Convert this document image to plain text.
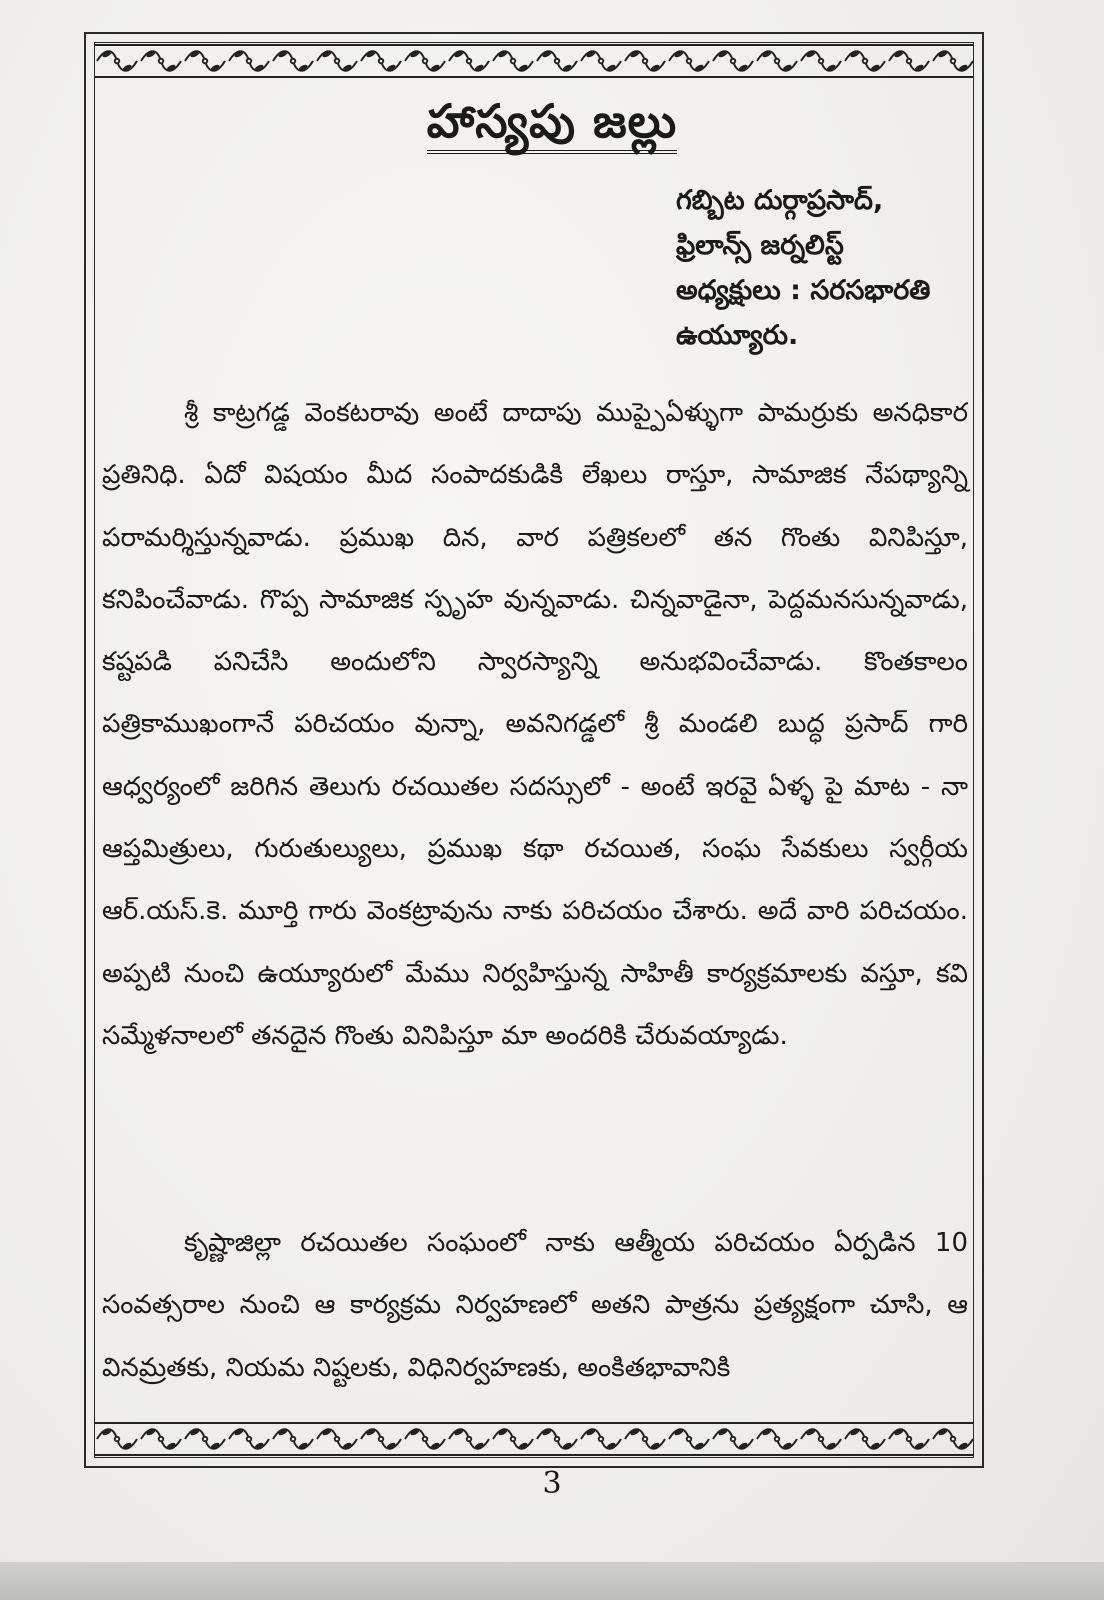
హాస్యపు జల్లు
గబ్బిట దుర్గాప్రసాద్,
ఫ్రిలాన్స్ జర్నలిస్ట్
అధ్యక్షులు : సరసభారతి
ఉయ్యూరు.

శ్రీ కాట్రగడ్డ వెంకటరావు అంటే దాదాపు ముప్పైఏళ్ళుగా పామర్రుకు అనధికార ప్రతినిధి. ఏదో విషయం మీద సంపాదకుడికి లేఖలు రాస్తూ, సామాజిక నేపథ్యాన్ని పరామర్శిస్తున్నవాడు. ప్రముఖ దిన, వార పత్రికలలో తన గొంతు వినిపిస్తూ, కనిపించేవాడు. గొప్ప సామాజిక స్పృహ వున్నవాడు. చిన్నవాడైనా, పెద్దమనసున్నవాడు, కష్టపడి పనిచేసి అందులోని స్వారస్యాన్ని అనుభవించేవాడు. కొంతకాలం పత్రికాముఖంగానే పరిచయం వున్నా, అవనిగడ్డలో శ్రీ మండలి బుద్ధ ప్రసాద్ గారి ఆధ్వర్యంలో జరిగిన తెలుగు రచయితల సదస్సులో - అంటే ఇరవై ఏళ్ళ పై మాట - నా ఆప్తమిత్రులు, గురుతుల్యులు, ప్రముఖ కథా రచయిత, సంఘ సేవకులు స్వర్గీయ ఆర్.యస్.కె. మూర్తి గారు వెంకట్రావును నాకు పరిచయం చేశారు. అదే వారి పరిచయం. అప్పటి నుంచి ఉయ్యూరులో మేము నిర్వహిస్తున్న సాహితీ కార్యక్రమాలకు వస్తూ, కవి సమ్మేళనాలలో తనదైన గొంతు వినిపిస్తూ మా అందరికి చేరువయ్యాడు.

కృష్ణాజిల్లా రచయితల సంఘంలో నాకు ఆత్మీయ పరిచయం ఏర్పడిన 10 సంవత్సరాల నుంచి ఆ కార్యక్రమ నిర్వహణలో అతని పాత్రను ప్రత్యక్షంగా చూసి, ఆ వినమ్రతకు, నియమ నిష్టలకు, విధినిర్వహణకు, అంకితభావానికి

3
